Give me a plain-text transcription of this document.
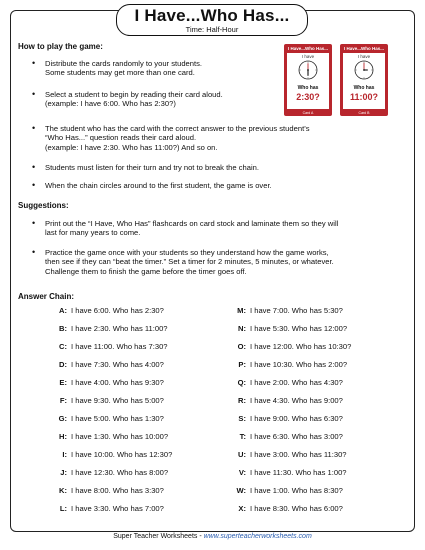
I Have...Who Has...
Time: Half-Hour
How to play the game:
• Distribute the cards randomly to your students.
Some students may get more than one card.
• Select a student to begin by reading their card aloud.
(example: I have 6:00. Who has 2:30?)
• The student who has the card with the correct answer to the previous student’s
“Who Has...” question reads their card aloud.
(example: I have 2:30. Who has 11:00?) And so on.
• Students must listen for their turn and try not to break the chain.
• When the chain circles around to the first student, the game is over.
I Have...Who Has...
I have
Who has
2:30?
Card A
I Have...Who Has...
I have
Who has
11:00?
Card B
Suggestions:
• Print out the “I Have, Who Has” flashcards on card stock and laminate them so they will
last for many years to come.
• Practice the game once with your students so they understand how the game works,
then see if they can “beat the timer.” Set a timer for 2 minutes, 5 minutes, or whatever.
Challenge them to finish the game before the timer goes off.
Answer Chain:
A: I have 6:00. Who has 2:30?
B: I have 2:30. Who has 11:00?
C: I have 11:00. Who has 7:30?
D: I have 7:30. Who has 4:00?
E: I have 4:00. Who has 9:30?
F: I have 9:30. Who has 5:00?
G: I have 5:00. Who has 1:30?
H: I have 1:30. Who has 10:00?
I: I have 10:00. Who has 12:30?
J: I have 12:30. Who has 8:00?
K: I have 8:00. Who has 3:30?
L: I have 3:30. Who has 7:00?
M: I have 7:00. Who has 5:30?
N: I have 5:30. Who has 12:00?
O: I have 12:00. Who has 10:30?
P: I have 10:30. Who has 2:00?
Q: I have 2:00. Who has 4:30?
R: I have 4:30. Who has 9:00?
S: I have 9:00. Who has 6:30?
T: I have 6:30. Who has 3:00?
U: I have 3:00. Who has 11:30?
V: I have 11:30. Who has 1:00?
W: I have 1:00. Who has 8:30?
X: I have 8:30. Who has 6:00?
Super Teacher Worksheets - www.superteacherworksheets.com
